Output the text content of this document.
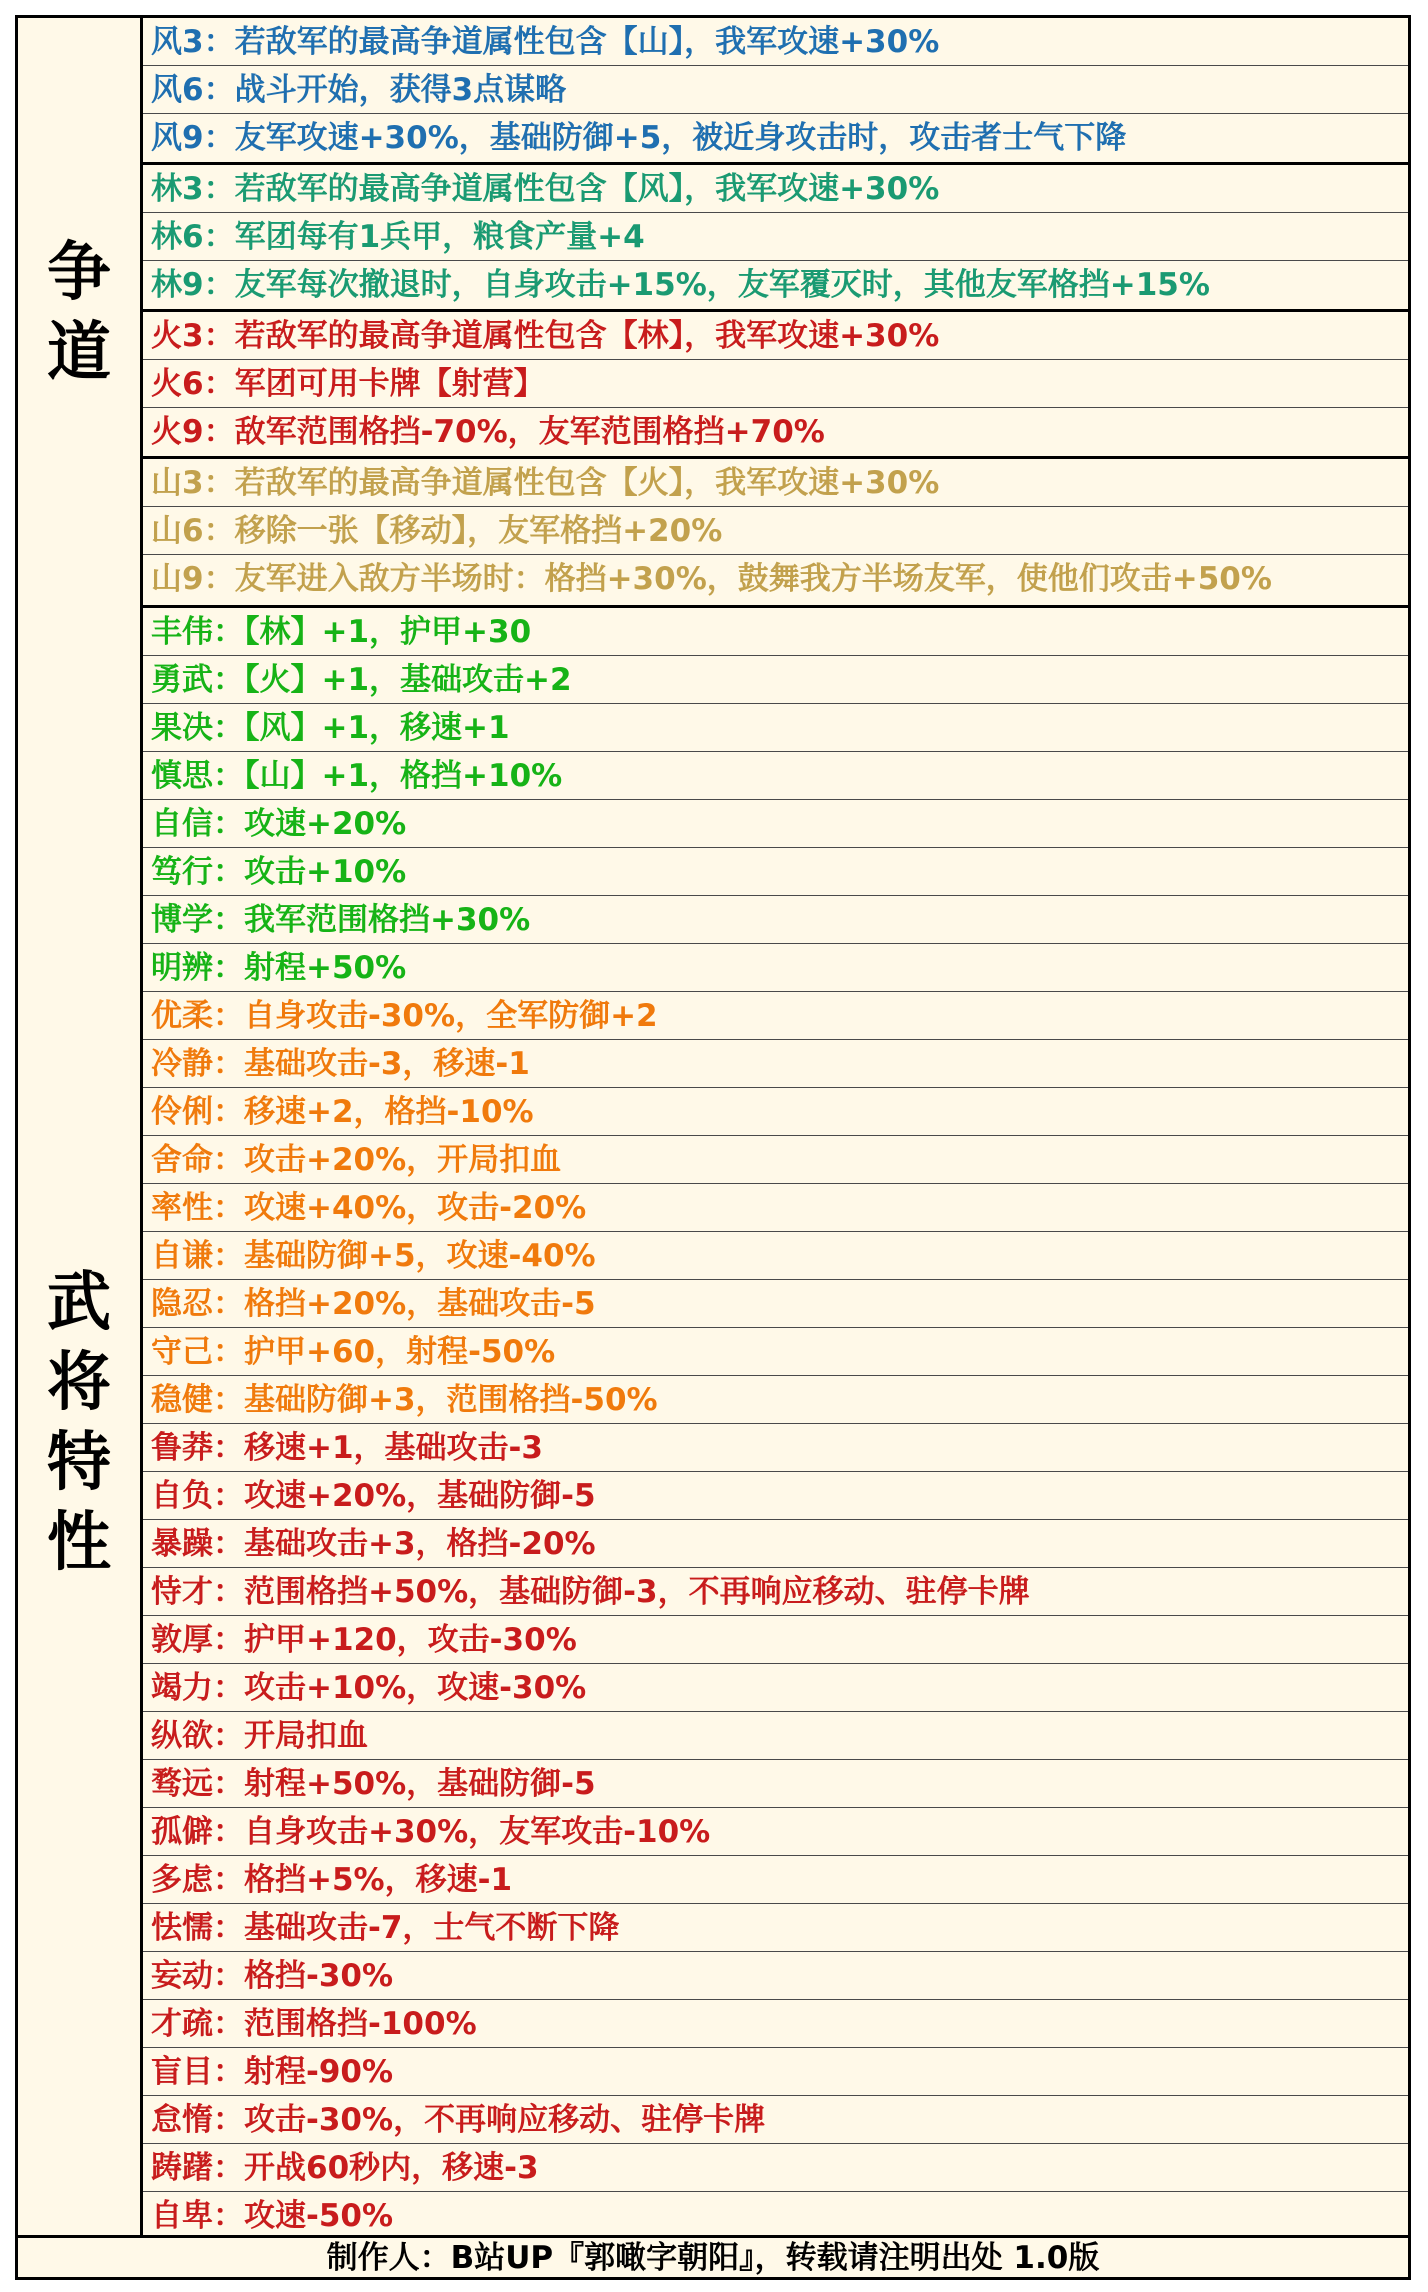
争
道
风3：若敌军的最高争道属性包含【山】，我军攻速+30%
风6：战斗开始，获得3点谋略
风9：友军攻速+30%，基础防御+5，被近身攻击时，攻击者士气下降
林3：若敌军的最高争道属性包含【风】，我军攻速+30%
林6：军团每有1兵甲，粮食产量+4
林9：友军每次撤退时，自身攻击+15%，友军覆灭时，其他友军格挡+15%
火3：若敌军的最高争道属性包含【林】，我军攻速+30%
火6：军团可用卡牌【射营】
火9：敌军范围格挡-70%，友军范围格挡+70%
山3：若敌军的最高争道属性包含【火】，我军攻速+30%
山6：移除一张【移动】，友军格挡+20%
山9：友军进入敌方半场时：格挡+30%，鼓舞我方半场友军，使他们攻击+50%
武
将
特
性
丰伟：【林】+1，护甲+30
勇武：【火】+1，基础攻击+2
果决：【风】+1，移速+1
慎思：【山】+1，格挡+10%
自信：攻速+20%
笃行：攻击+10%
博学：我军范围格挡+30%
明辨：射程+50%
优柔：自身攻击-30%，全军防御+2
冷静：基础攻击-3，移速-1
伶俐：移速+2，格挡-10%
舍命：攻击+20%，开局扣血
率性：攻速+40%，攻击-20%
自谦：基础防御+5，攻速-40%
隐忍：格挡+20%，基础攻击-5
守己：护甲+60，射程-50%
稳健：基础防御+3，范围格挡-50%
鲁莽：移速+1，基础攻击-3
自负：攻速+20%，基础防御-5
暴躁：基础攻击+3，格挡-20%
恃才：范围格挡+50%，基础防御-3，不再响应移动、驻停卡牌
敦厚：护甲+120，攻击-30%
竭力：攻击+10%，攻速-30%
纵欲：开局扣血
骛远：射程+50%，基础防御-5
孤僻：自身攻击+30%，友军攻击-10%
多虑：格挡+5%，移速-1
怯懦：基础攻击-7，士气不断下降
妄动：格挡-30%
才疏：范围格挡-100%
盲目：射程-90%
怠惰：攻击-30%，不再响应移动、驻停卡牌
踌躇：开战60秒内，移速-3
自卑：攻速-50%
制作人：B站UP『郭噉字朝阳』，转载请注明出处 1.0版
